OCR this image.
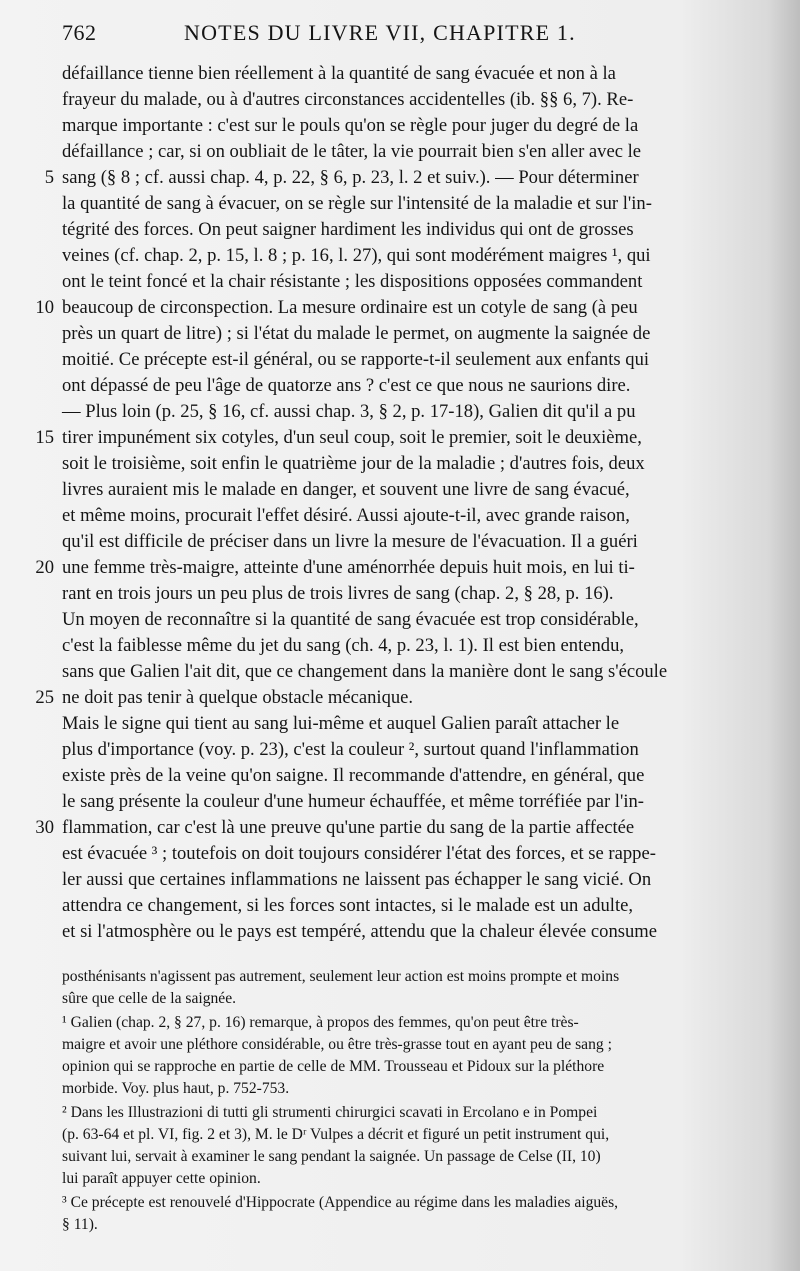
762	NOTES DU LIVRE VII, CHAPITRE 1.
défaillance tienne bien réellement à la quantité de sang évacuée et non à la
frayeur du malade, ou à d'autres circonstances accidentelles (ib. §§ 6, 7). Re-
marque importante : c'est sur le pouls qu'on se règle pour juger du degré de la
défaillance ; car, si on oubliait de le tâter, la vie pourrait bien s'en aller avec le
sang (§ 8 ; cf. aussi chap. 4, p. 22, § 6, p. 23, l. 2 et suiv.). — Pour déterminer
la quantité de sang à évacuer, on se règle sur l'intensité de la maladie et sur l'in-
tégrité des forces. On peut saigner hardiment les individus qui ont de grosses
veines (cf. chap. 2, p. 15, l. 8 ; p. 16, l. 27), qui sont modérément maigres ¹, qui
ont le teint foncé et la chair résistante ; les dispositions opposées commandent
beaucoup de circonspection. La mesure ordinaire est un cotyle de sang (à peu
près un quart de litre) ; si l'état du malade le permet, on augmente la saignée de
moitié. Ce précepte est-il général, ou se rapporte-t-il seulement aux enfants qui
ont dépassé de peu l'âge de quatorze ans ? c'est ce que nous ne saurions dire.
— Plus loin (p. 25, § 16, cf. aussi chap. 3, § 2, p. 17-18), Galien dit qu'il a pu
tirer impunément six cotyles, d'un seul coup, soit le premier, soit le deuxième,
soit le troisième, soit enfin le quatrième jour de la maladie ; d'autres fois, deux
livres auraient mis le malade en danger, et souvent une livre de sang évacué,
et même moins, procurait l'effet désiré. Aussi ajoute-t-il, avec grande raison,
qu'il est difficile de préciser dans un livre la mesure de l'évacuation. Il a guéri
une femme très-maigre, atteinte d'une aménorrhée depuis huit mois, en lui ti-
rant en trois jours un peu plus de trois livres de sang (chap. 2, § 28, p. 16).
Un moyen de reconnaître si la quantité de sang évacuée est trop considérable,
c'est la faiblesse même du jet du sang (ch. 4, p. 23, l. 1). Il est bien entendu,
sans que Galien l'ait dit, que ce changement dans la manière dont le sang s'écoule
ne doit pas tenir à quelque obstacle mécanique.
Mais le signe qui tient au sang lui-même et auquel Galien paraît attacher le
plus d'importance (voy. p. 23), c'est la couleur ², surtout quand l'inflammation
existe près de la veine qu'on saigne. Il recommande d'attendre, en général, que
le sang présente la couleur d'une humeur échauffée, et même torréfiée par l'in-
flammation, car c'est là une preuve qu'une partie du sang de la partie affectée
est évacuée ³ ; toutefois on doit toujours considérer l'état des forces, et se rappe-
ler aussi que certaines inflammations ne laissent pas échapper le sang vicié. On
attendra ce changement, si les forces sont intactes, si le malade est un adulte,
et si l'atmosphère ou le pays est tempéré, attendu que la chaleur élevée consume
5
10
15
20
25
30
posthénisants n'agissent pas autrement, seulement leur action est moins prompte et moins
sûre que celle de la saignée.
¹ Galien (chap. 2, § 27, p. 16) remarque, à propos des femmes, qu'on peut être très-
maigre et avoir une pléthore considérable, ou être très-grasse tout en ayant peu de sang ;
opinion qui se rapproche en partie de celle de MM. Trousseau et Pidoux sur la pléthore
morbide. Voy. plus haut, p. 752-753.
² Dans les Illustrazioni di tutti gli strumenti chirurgici scavati in Ercolano e in Pompei
(p. 63-64 et pl. VI, fig. 2 et 3), M. le Dʳ Vulpes a décrit et figuré un petit instrument qui,
suivant lui, servait à examiner le sang pendant la saignée. Un passage de Celse (II, 10)
lui paraît appuyer cette opinion.
³ Ce précepte est renouvelé d'Hippocrate (Appendice au régime dans les maladies aiguës,
§ 11).
